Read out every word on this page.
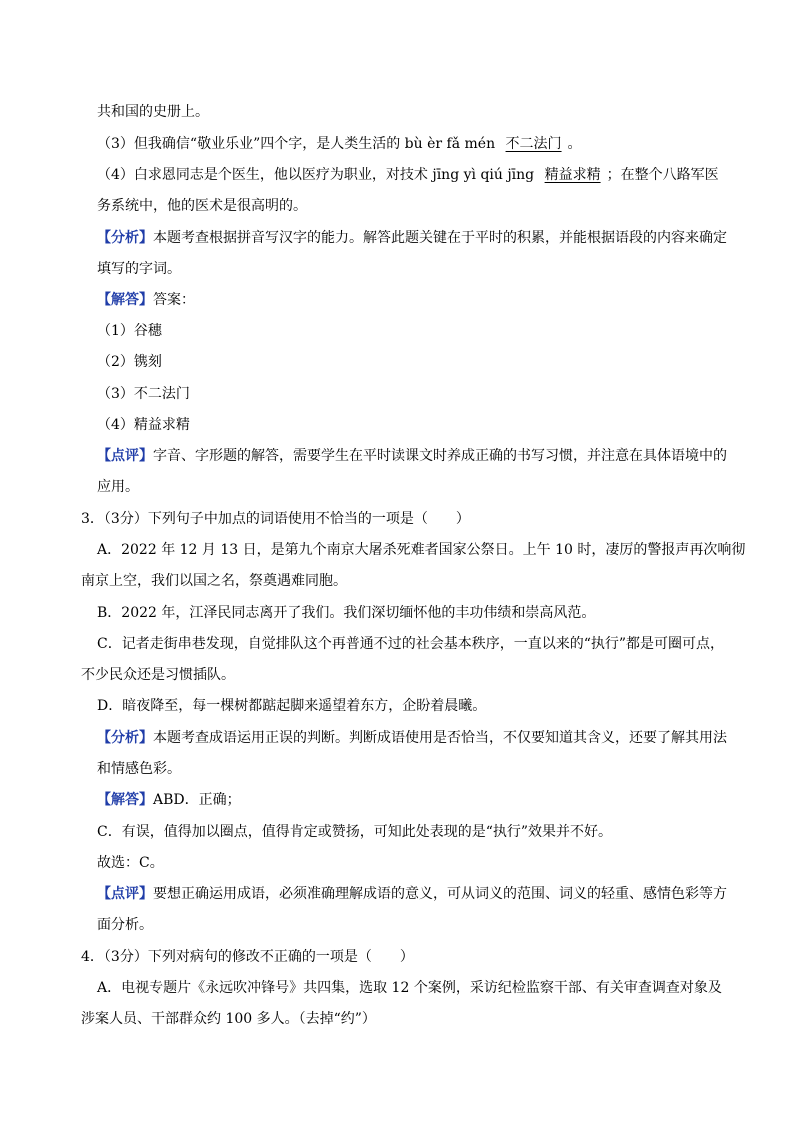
共和国的史册上。
（3）但我确信“敬业乐业”四个字，是人类生活的 bù èr fǎ mén 不二法门 。
（4）白求恩同志是个医生，他以医疗为职业，对技术 jīng yì qiú jīng 精益求精 ；在整个八路军医
务系统中，他的医术是很高明的。
【分析】本题考查根据拼音写汉字的能力。解答此题关键在于平时的积累，并能根据语段的内容来确定
填写的字词。
【解答】答案：
（1）谷穗
（2）镌刻
（3）不二法门
（4）精益求精
【点评】字音、字形题的解答，需要学生在平时读课文时养成正确的书写习惯，并注意在具体语境中的
应用。
3．（3分）下列句子中加点的词语使用不恰当的一项是（　　）
A．2022 年 12 月 13 日，是第九个南京大屠杀死难者国家公祭日。上午 10 时，凄厉的警报声再次响彻
南京上空，我们以国之名，祭奠遇难同胞。
B．2022 年，江泽民同志离开了我们。我们深切缅怀他的丰功伟绩和崇高风范。
C．记者走街串巷发现，自觉排队这个再普通不过的社会基本秩序，一直以来的“执行”都是可圈可点，
不少民众还是习惯插队。
D．暗夜降至，每一棵树都踮起脚来遥望着东方，企盼着晨曦。
【分析】本题考查成语运用正误的判断。判断成语使用是否恰当，不仅要知道其含义，还要了解其用法
和情感色彩。
【解答】ABD．正确；
C．有误，值得加以圈点，值得肯定或赞扬，可知此处表现的是“执行”效果并不好。
故选：C。
【点评】要想正确运用成语，必须准确理解成语的意义，可从词义的范围、词义的轻重、感情色彩等方
面分析。
4．（3分）下列对病句的修改不正确的一项是（　　）
A．电视专题片《永远吹冲锋号》共四集，选取 12 个案例，采访纪检监察干部、有关审查调查对象及
涉案人员、干部群众约 100 多人。（去掉“约”）
